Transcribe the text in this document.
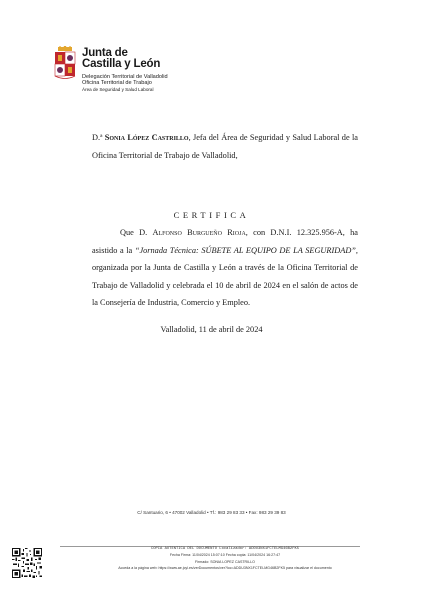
Junta de
Castilla y León
Delegación Territorial de Valladolid
Oficina Territorial de Trabajo
Área de Seguridad y Salud Laboral
D.ª Sonia López Castrillo, Jefa del Área de Seguridad y Salud Laboral de la Oficina Territorial de Trabajo de Valladolid,
CERTIFICA
Que D. Alfonso Burgueño Rioja, con D.N.I. 12.325.956-A, ha asistido a la “Jornada Técnica: SÚBETE AL EQUIPO DE LA SEGURIDAD”, organizada por la Junta de Castilla y León a través de la Oficina Territorial de Trabajo de Valladolid y celebrada el 10 de abril de 2024 en el salón de actos de la Consejería de Industria, Comercio y Empleo.
Valladolid, 11 de abril de 2024
C/ Santuario, 6 • 47002 Valladolid • Tf.: 983 29 83 33 • Fax: 983 29 39 83
COPIA AUTENTICA DEL DOCUMENTO Localizador: ADDU3NX1FCTELMG46B2FK5
Fecha Firma: 11/04/2024 15:07:10 Fecha copia: 11/04/2024 16:27:47
Firmado: SONIA LOPEZ CASTRILLO
Acceda a la página web: https://www.ae.jcyl.es/verDocumentos/ver?loc=ADDU3NX1FCTELMG46B2FK5 para visualizar el documento
